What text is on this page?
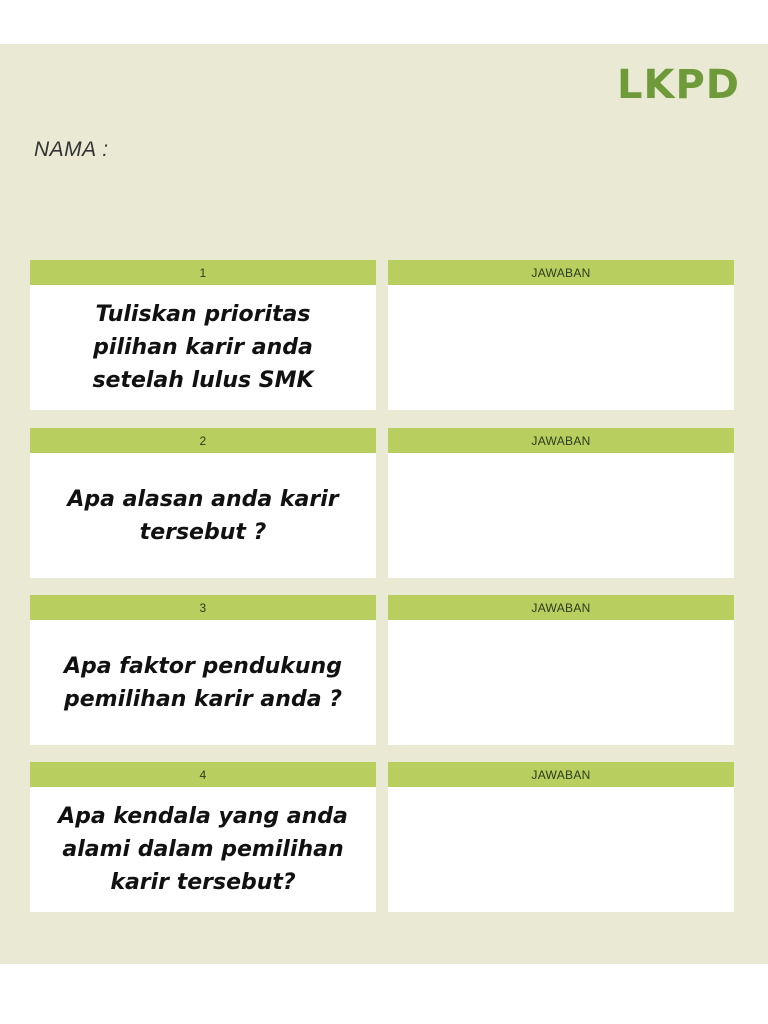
LKPD
NAMA :
1

Tuliskan prioritas pilihan karir anda setelah lulus SMK

JAWABAN
2

Apa alasan anda karir tersebut ?

JAWABAN
3

Apa faktor pendukung pemilihan karir anda ?

JAWABAN
4

Apa kendala yang anda alami dalam pemilihan karir tersebut?

JAWABAN
